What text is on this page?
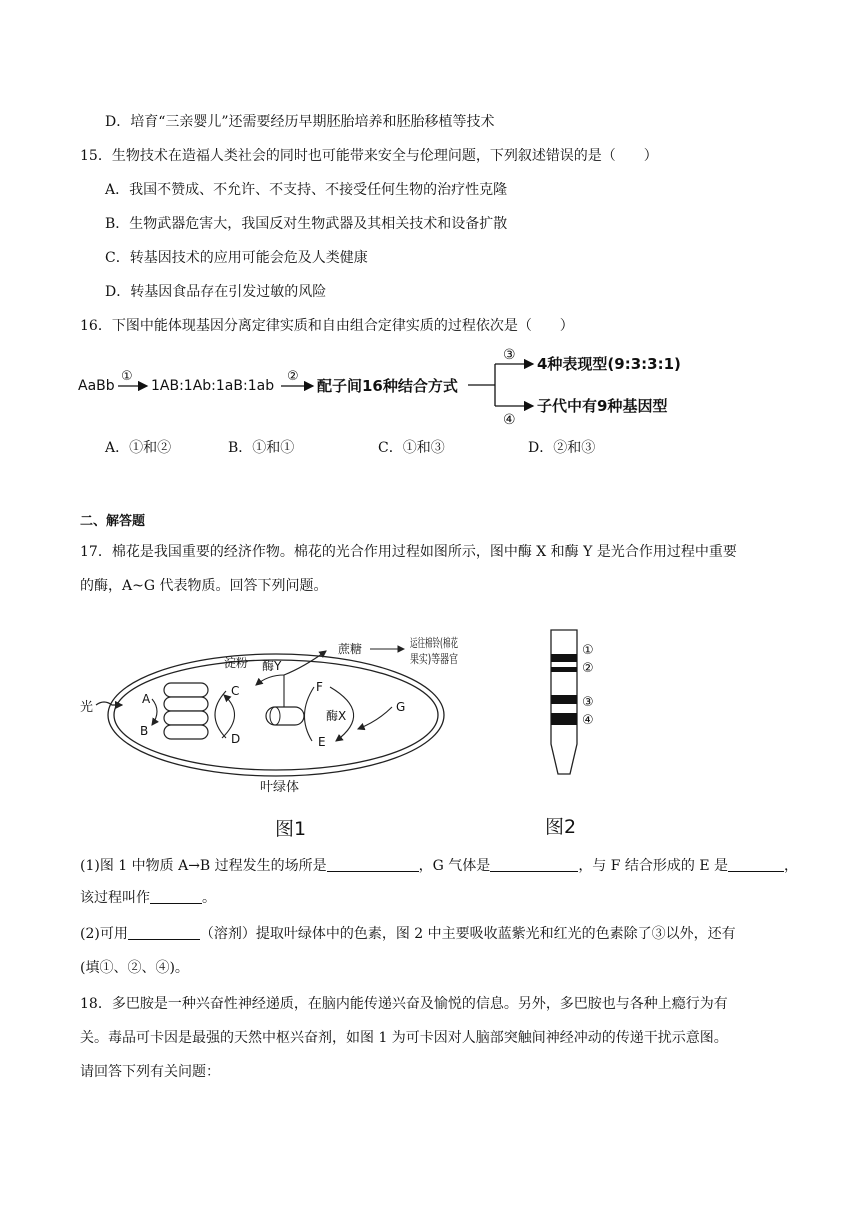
D．培育“三亲婴儿”还需要经历早期胚胎培养和胚胎移植等技术
15．生物技术在造福人类社会的同时也可能带来安全与伦理问题，下列叙述错误的是（　　）
A．我国不赞成、不允许、不支持、不接受任何生物的治疗性克隆
B．生物武器危害大，我国反对生物武器及其相关技术和设备扩散
C．转基因技术的应用可能会危及人类健康
D．转基因食品存在引发过敏的风险
16．下图中能体现基因分离定律实质和自由组合定律实质的过程依次是（　　）
AaBb
①
1AB:1Ab:1aB:1ab
②
配子间16种结合方式
③
④
4种表现型(9:3:3:1)
子代中有9种基因型
A．①和②	B．①和①	C．①和③	D．②和③
二、解答题
17．棉花是我国重要的经济作物。棉花的光合作用过程如图所示，图中酶 X 和酶 Y 是光合作用过程中重要
的酶，A~G 代表物质。回答下列问题。
光
A
B
C
D
淀粉 酶Y
蔗糖	运往棉铃(棉花
果实)等器官
F
E
酶X
G
叶绿体
图1
①
②
③
④
图2
(1)图 1 中物质 A→B 过程发生的场所是	，G 气体是	，与 F 结合形成的 E 是	，
该过程叫作	。
(2)可用	（溶剂）提取叶绿体中的色素，图 2 中主要吸收蓝紫光和红光的色素除了③以外，还有
(填①、②、④)。
18．多巴胺是一种兴奋性神经递质，在脑内能传递兴奋及愉悦的信息。另外，多巴胺也与各种上瘾行为有
关。毒品可卡因是最强的天然中枢兴奋剂，如图 1 为可卡因对人脑部突触间神经冲动的传递干扰示意图。
请回答下列有关问题：
